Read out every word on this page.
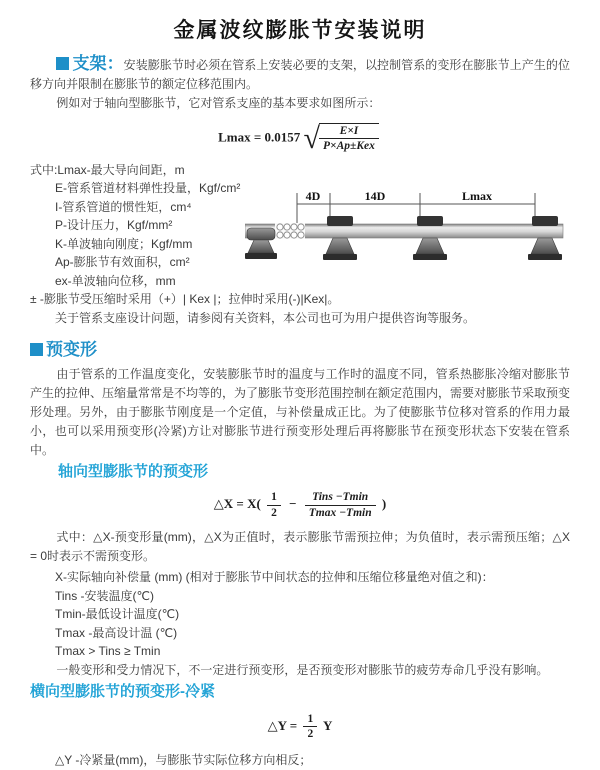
金属波纹膨胀节安装说明

支架：安装膨胀节时必须在管系上安装必要的支架，以控制管系的变形在膨胀节上产生的位移方向并限制在膨胀节的额定位移范围内。

例如对于轴向型膨胀节，它对管系支座的基本要求如图所示：

Lmax = 0.0157 √ $\frac{E\times I}{\text{P×Ap±Kex}}$
式中:Lmax-最大导向间距，m
E-管系管道材料弹性投量，Kgf/cm²
I-管系管道的惯性矩，cm⁴
P-设计压力，Kgf/mm²
K-单波轴向刚度；Kgf/mm
Ap-膨胀节有效面积，cm²
ex-单波轴向位移，mm
4D	14D	Lmax
± -膨胀节受压缩时采用（+）| Kex |；拉伸时采用(-)|Kex|。
关于管系支座设计问题，请参阅有关资料，本公司也可为用户提供咨询等服务。
预变形

由于管系的工作温度变化，安装膨胀节时的温度与工作时的温度不同，管系热膨胀冷缩对膨胀节产生的拉伸、压缩量常常是不均等的，为了膨胀节变形范围控制在额定范围内，需要对膨胀节采取预变形处理。另外，由于膨胀节刚度是一个定值，与补偿量成正比。为了使膨胀节位移对管系的作用力最小，也可以采用预变形(冷紧)方让对膨胀节进行预变形处理后再将膨胀节在预变形状态下安装在管系中。

轴向型膨胀节的预变形
△X = $X( \frac{1}{2} - \frac{\text{Tins −Tmin}}{Tmax -Tmin}$ )

式中：△X-预变形量(mm)，△X为正值时，表示膨胀节需预拉伸；为负值时，表示需预压缩；△X = 0时表示不需预变形。

X-实际轴向补偿量 (mm) (相对于膨胀节中间状态的拉伸和压缩位移量绝对值之和)：
Tins -安装温度(℃)
Tmin-最低设计温度(℃)
Tmax -最高设计温 (℃)
Tmax > Tins ≥ Tmin

一般变形和受力情况下，不一定进行预变形，是否预变形对膨胀节的疲劳寿命几乎没有影响。

横向型膨胀节的预变形-冷紧
△Y = $\frac{1}{2}$ Y
△Y -冷紧量(mm)，与膨胀节实际位移方向相反；
